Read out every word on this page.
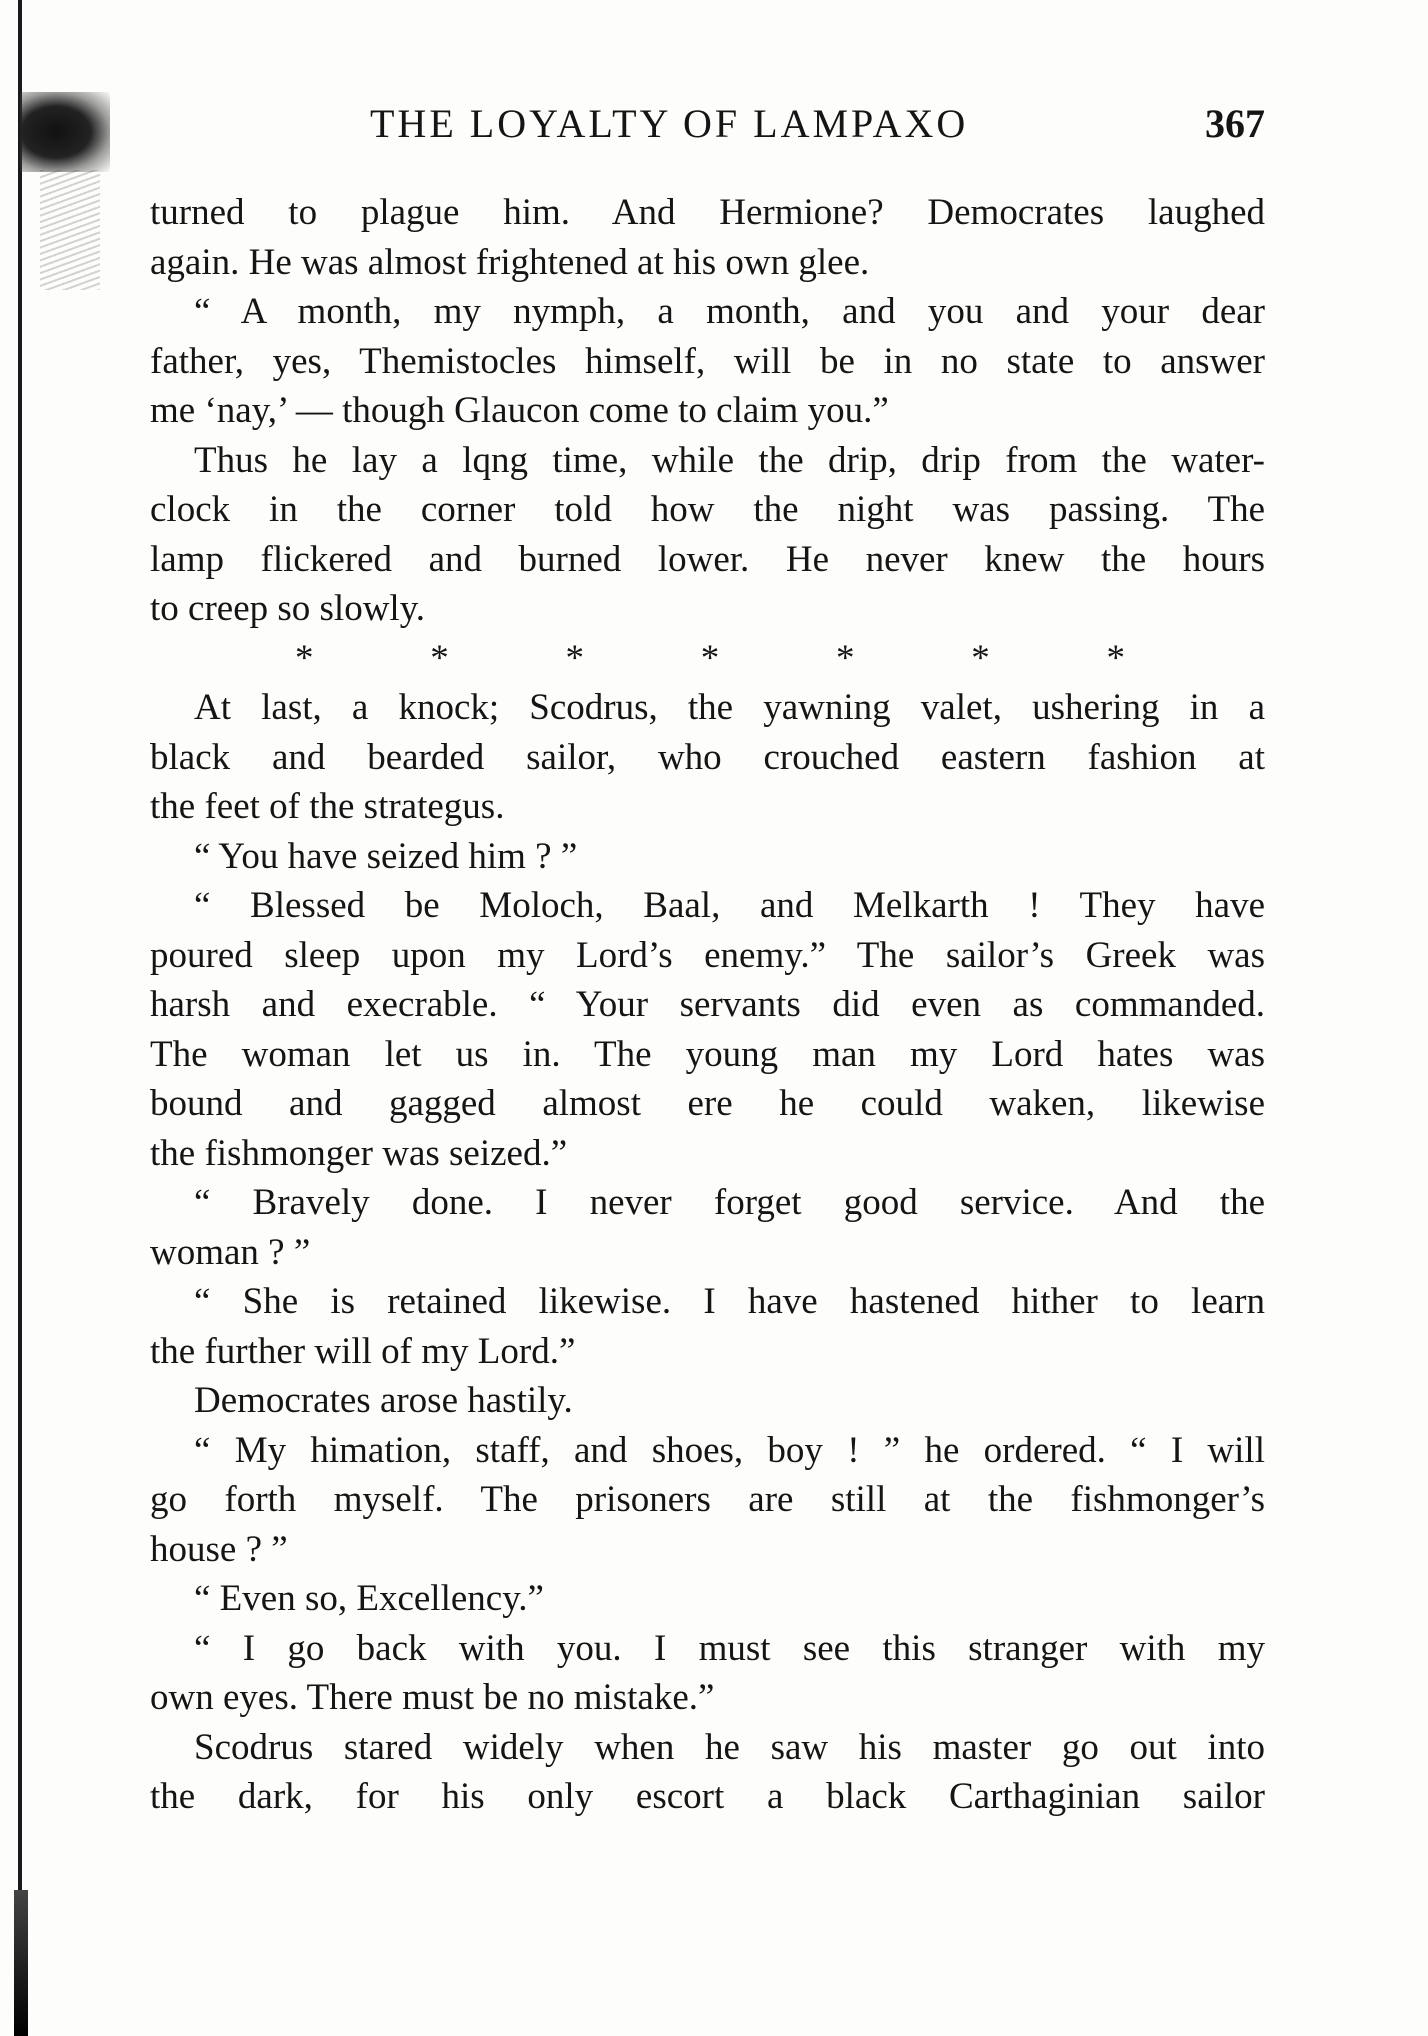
THE LOYALTY OF LAMPAXO	367
turned to plague him. And Hermione? Democrates laughed
again. He was almost frightened at his own glee.
“ A month, my nymph, a month, and you and your dear
father, yes, Themistocles himself, will be in no state to answer
me ‘nay,’ — though Glaucon come to claim you.”
Thus he lay a lqng time, while the drip, drip from the water-
clock in the corner told how the night was passing. The
lamp flickered and burned lower. He never knew the hours
to creep so slowly.
*	*	*	*	*	*	*
At last, a knock; Scodrus, the yawning valet, ushering in a
black and bearded sailor, who crouched eastern fashion at
the feet of the strategus.
“ You have seized him ? ”
“ Blessed be Moloch, Baal, and Melkarth ! They have
poured sleep upon my Lord’s enemy.” The sailor’s Greek was
harsh and execrable. “ Your servants did even as commanded.
The woman let us in. The young man my Lord hates was
bound and gagged almost ere he could waken, likewise
the fishmonger was seized.”
“ Bravely done. I never forget good service. And the
woman ? ”
“ She is retained likewise. I have hastened hither to learn
the further will of my Lord.”
Democrates arose hastily.
“ My himation, staff, and shoes, boy ! ” he ordered. “ I will
go forth myself. The prisoners are still at the fishmonger’s
house ? ”
“ Even so, Excellency.”
“ I go back with you. I must see this stranger with my
own eyes. There must be no mistake.”
Scodrus stared widely when he saw his master go out into
the dark, for his only escort a black Carthaginian sailor
